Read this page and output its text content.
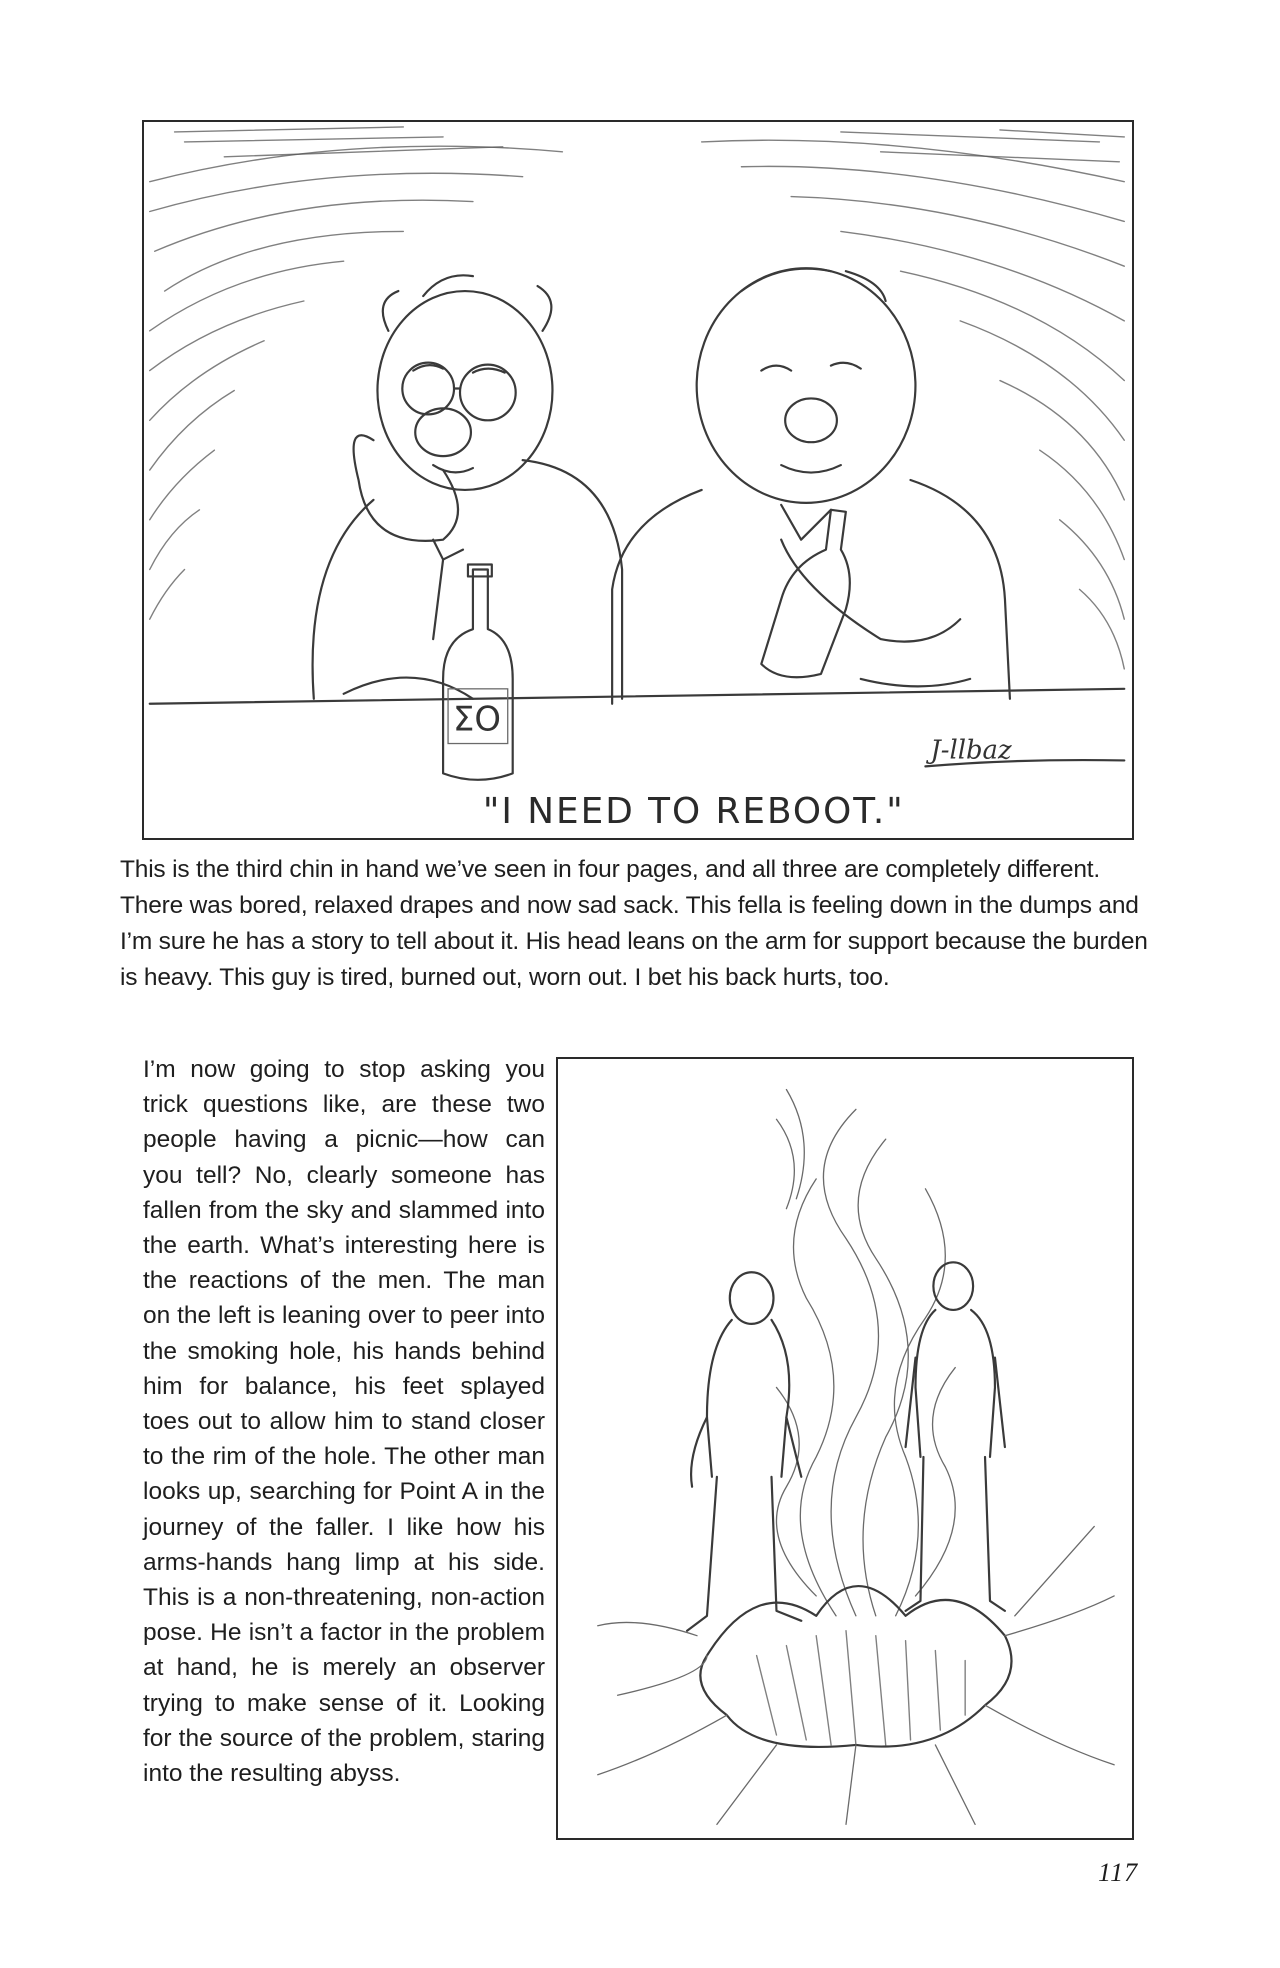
ΣO
J-llbaz
"I NEED TO REBOOT."

This is the third chin in hand we’ve seen in four pages, and all three are completely different. There was bored, relaxed drapes and now sad sack. This fella is feeling down in the dumps and I’m sure he has a story to tell about it. His head leans on the arm for support because the burden is heavy. This guy is tired, burned out, worn out. I bet his back hurts, too.

I’m now going to stop asking you trick questions like, are these two people having a picnic—how can you tell? No, clearly someone has fallen from the sky and slammed into the earth. What’s interesting here is the reactions of the men. The man on the left is leaning over to peer into the smoking hole, his hands behind him for balance, his feet splayed toes out to allow him to stand closer to the rim of the hole. The other man looks up, searching for Point A in the journey of the faller. I like how his arms-hands hang limp at his side. This is a non-threatening, non-action pose. He isn’t a factor in the problem at hand, he is merely an observer trying to make sense of it. Looking for the source of the problem, staring into the resulting abyss.

117
